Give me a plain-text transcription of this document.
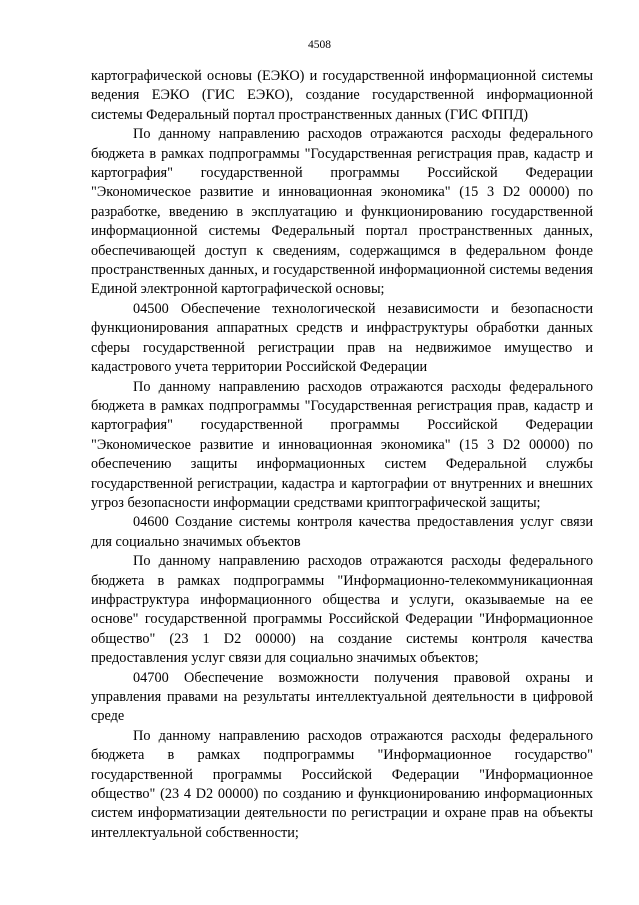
4508

картографической основы (ЕЭКО) и государственной информационной системы ведения ЕЭКО (ГИС ЕЭКО), создание государственной информационной системы Федеральный портал пространственных данных (ГИС ФППД)

По данному направлению расходов отражаются расходы федерального бюджета в рамках подпрограммы "Государственная регистрация прав, кадастр и картография" государственной программы Российской Федерации "Экономическое развитие и инновационная экономика" (15 3 D2 00000) по разработке, введению в эксплуатацию и функционированию государственной информационной системы Федеральный портал пространственных данных, обеспечивающей доступ к сведениям, содержащимся в федеральном фонде пространственных данных, и государственной информационной системы ведения Единой электронной картографической основы;

04500 Обеспечение технологической независимости и безопасности функционирования аппаратных средств и инфраструктуры обработки данных сферы государственной регистрации прав на недвижимое имущество и кадастрового учета территории Российской Федерации

По данному направлению расходов отражаются расходы федерального бюджета в рамках подпрограммы "Государственная регистрация прав, кадастр и картография" государственной программы Российской Федерации "Экономическое развитие и инновационная экономика" (15 3 D2 00000) по обеспечению защиты информационных систем Федеральной службы государственной регистрации, кадастра и картографии от внутренних и внешних угроз безопасности информации средствами криптографической защиты;

04600 Создание системы контроля качества предоставления услуг связи для социально значимых объектов

По данному направлению расходов отражаются расходы федерального бюджета в рамках подпрограммы "Информационно-телекоммуникационная инфраструктура информационного общества и услуги, оказываемые на ее основе" государственной программы Российской Федерации "Информационное общество" (23 1 D2 00000) на создание системы контроля качества предоставления услуг связи для социально значимых объектов;

04700 Обеспечение возможности получения правовой охраны и управления правами на результаты интеллектуальной деятельности в цифровой среде

По данному направлению расходов отражаются расходы федерального бюджета в рамках подпрограммы "Информационное государство" государственной программы Российской Федерации "Информационное общество" (23 4 D2 00000) по созданию и функционированию информационных систем информатизации деятельности по регистрации и охране прав на объекты интеллектуальной собственности;
